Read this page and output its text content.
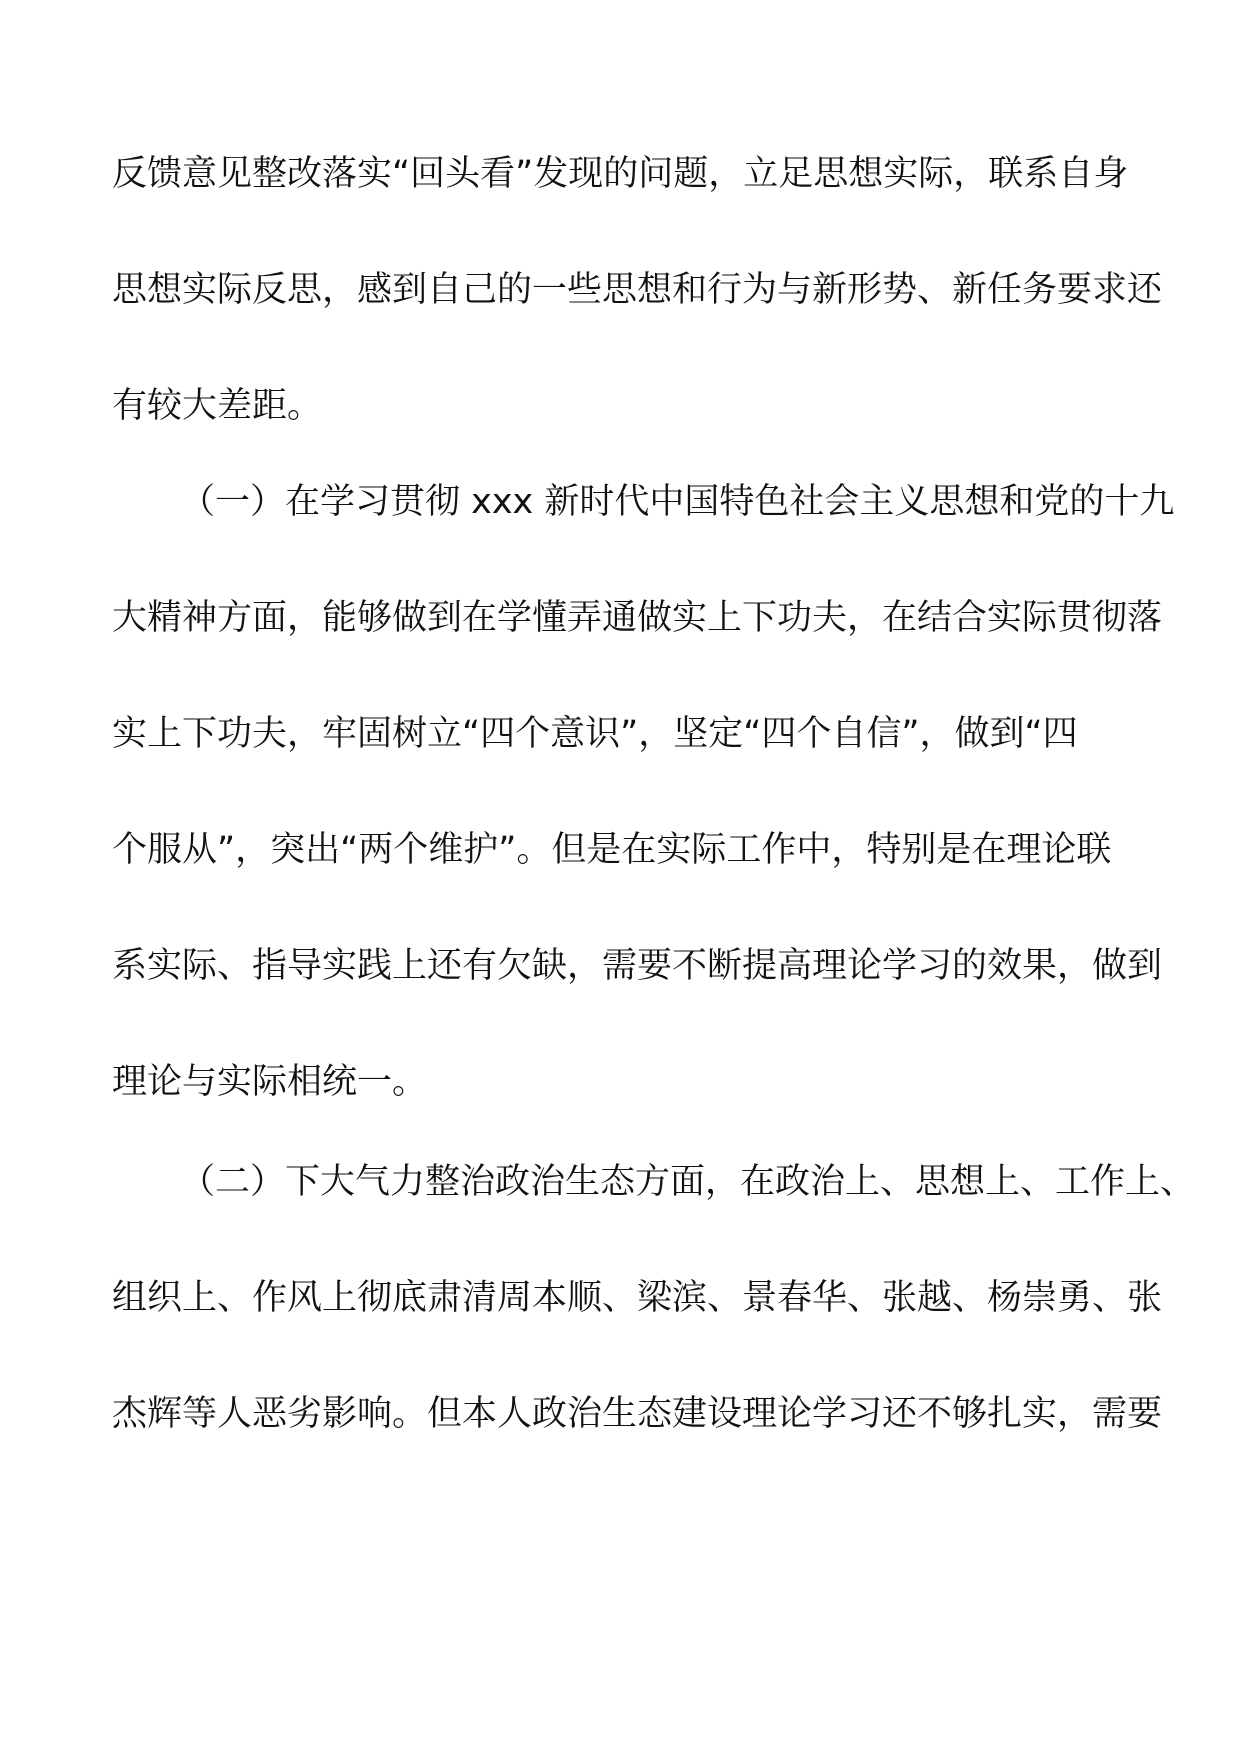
反馈意见整改落实“回头看”发现的问题，立足思想实际，联系自身
思想实际反思，感到自己的一些思想和行为与新形势、新任务要求还
有较大差距。
（一）在学习贯彻 xxx 新时代中国特色社会主义思想和党的十九
大精神方面，能够做到在学懂弄通做实上下功夫，在结合实际贯彻落
实上下功夫，牢固树立“四个意识”，坚定“四个自信”，做到“四
个服从”，突出“两个维护”。但是在实际工作中，特别是在理论联
系实际、指导实践上还有欠缺，需要不断提高理论学习的效果，做到
理论与实际相统一。
（二）下大气力整治政治生态方面，在政治上、思想上、工作上、
组织上、作风上彻底肃清周本顺、梁滨、景春华、张越、杨崇勇、张
杰辉等人恶劣影响。但本人政治生态建设理论学习还不够扎实，需要
